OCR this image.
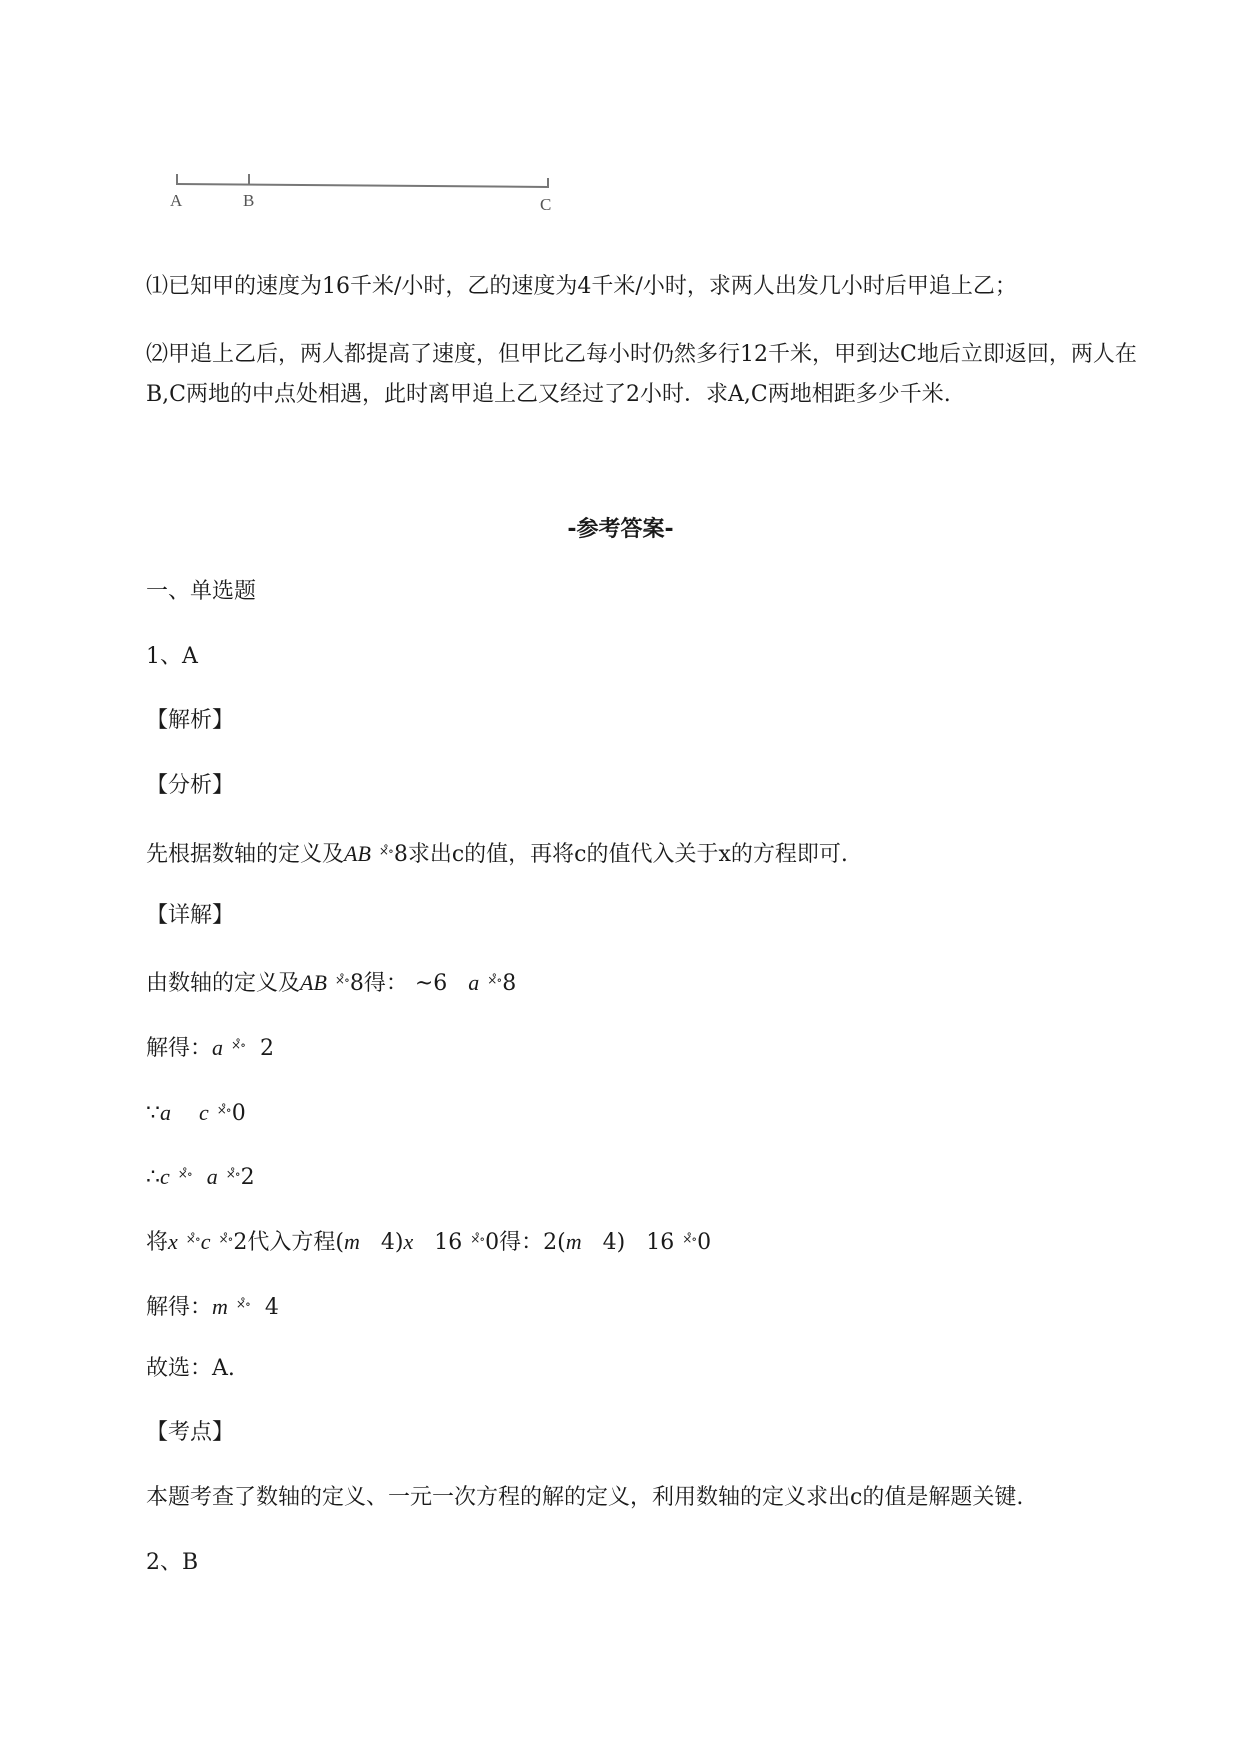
A	B	C
⑴已知甲的速度为16千米/小时，乙的速度为4千米/小时，求两人出发几小时后甲追上乙；
⑵甲追上乙后，两人都提高了速度，但甲比乙每小时仍然多行12千米，甲到达C地后立即返回，两人在
B,C两地的中点处相遇，此时离甲追上乙又经过了2小时．求A,C两地相距多少千米.
-参考答案-
一、单选题
1、A
【解析】
【分析】
先根据数轴的定义及AB ×̊∘8求出c的值，再将c的值代入关于x的方程即可.
【详解】
由数轴的定义及AB ×̊∘8得： ~6 a ×̊∘8
解得：a ×̊∘ 2
∵a c ×̊∘0
∴c ×̊∘ a ×̊∘2
将x ×̊∘c ×̊∘2代入方程(m 4)x 16 ×̊∘0得：2(m 4) 16 ×̊∘0
解得：m ×̊∘ 4
故选：A.
【考点】
本题考查了数轴的定义、一元一次方程的解的定义，利用数轴的定义求出c的值是解题关键.
2、B
